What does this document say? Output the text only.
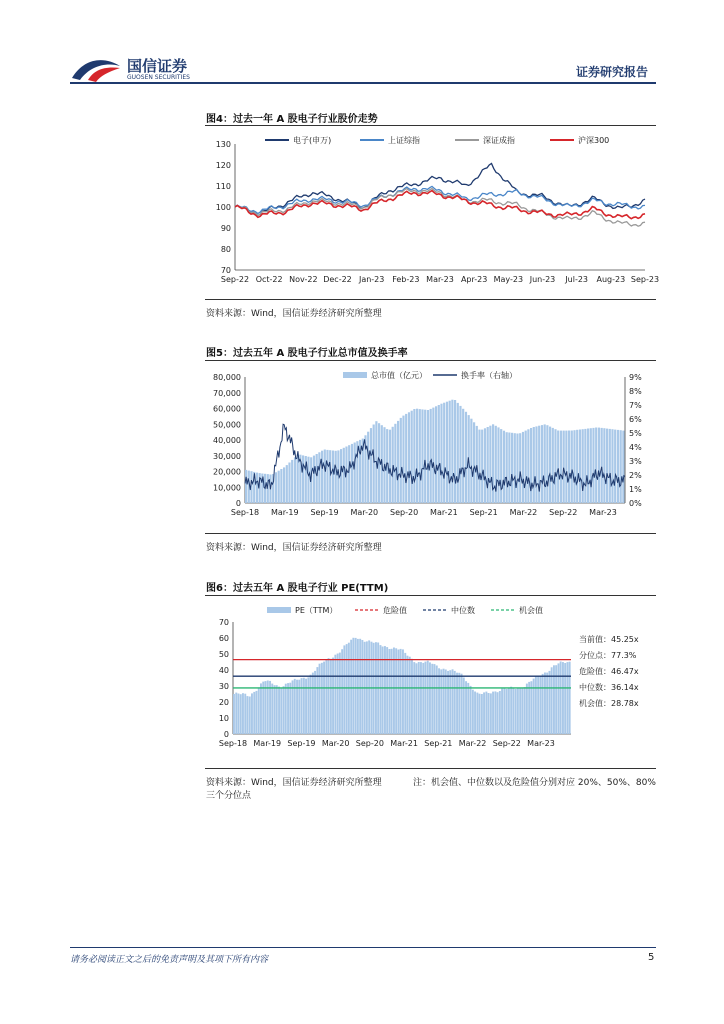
国信证券
GUOSEN SECURITIES	证券研究报告
图4：过去一年 A 股电子行业股价走势
70
80
90
100
110
120
130
Sep-22 Oct-22 Nov-22 Dec-22 Jan-23 Feb-23 Mar-23 Apr-23 May-23 Jun-23 Jul-23 Aug-23 Sep-23
电子(申万)	上证综指	深证成指	沪深300
资料来源：Wind，国信证券经济研究所整理
图5：过去五年 A 股电子行业总市值及换手率
0
10,000
20,000
30,000
40,000
50,000
60,000
70,000
80,000
0%
1%
2%
3%
4%
5%
6%
7%
8%
9%
Sep-18 Mar-19 Sep-19 Mar-20 Sep-20 Mar-21 Sep-21 Mar-22 Sep-22 Mar-23
总市值（亿元）	换手率（右轴）
资料来源：Wind，国信证券经济研究所整理
图6：过去五年 A 股电子行业 PE(TTM)
0
10
20
30
40
50
60
70
Sep-18 Mar-19 Sep-19 Mar-20 Sep-20 Mar-21 Sep-21 Mar-22 Sep-22 Mar-23
PE（TTM）	危险值	中位数	机会值
当前值：45.25x
分位点：77.3%
危险值：46.47x
中位数：36.14x
机会值：28.78x
资料来源：Wind，国信证券经济研究所整理	注：机会值、中位数以及危险值分别对应 20%、50%、80%
三个分位点
请务必阅读正文之后的免责声明及其项下所有内容	5
